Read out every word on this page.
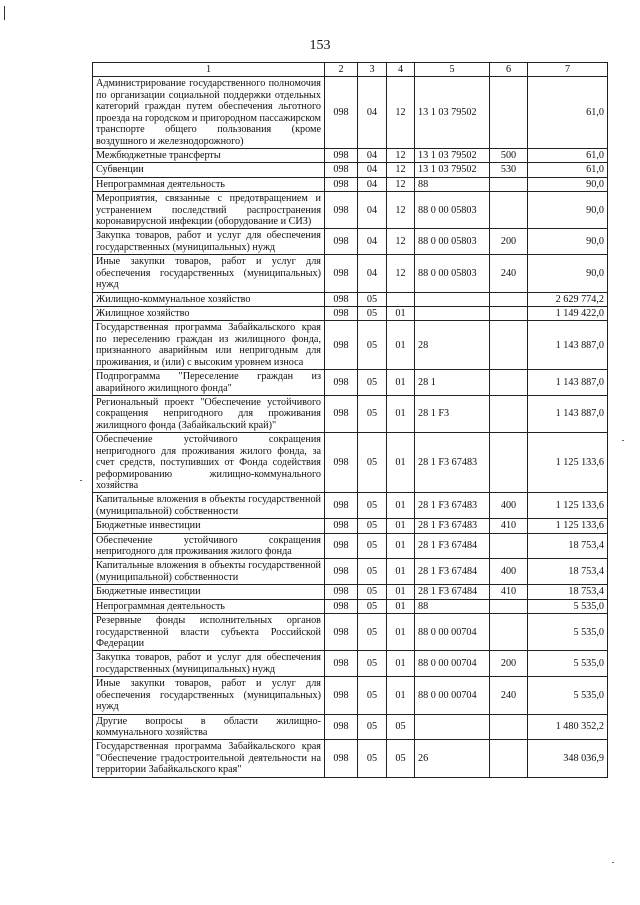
153
1	2	3	4	5	6	7
Администрирование государственного полномочия по организации социальной поддержки отдельных категорий граждан путем обеспечения льготного проезда на городском и пригородном пассажирском транспорте общего пользования (кроме воздушного и железнодорожного)	098	04	12	13 1 03 79502		61,0
Межбюджетные трансферты	098	04	12	13 1 03 79502	500	61,0
Субвенции	098	04	12	13 1 03 79502	530	61,0
Непрограммная деятельность	098	04	12	88		90,0
Мероприятия, связанные с предотвращением и устранением последствий распространения коронавирусной инфекции (оборудование и СИЗ)	098	04	12	88 0 00 05803		90,0
Закупка товаров, работ и услуг для обеспечения государственных (муниципальных) нужд	098	04	12	88 0 00 05803	200	90,0
Иные закупки товаров, работ и услуг для обеспечения государственных (муниципальных) нужд	098	04	12	88 0 00 05803	240	90,0
Жилищно-коммунальное хозяйство	098	05				2 629 774,2
Жилищное хозяйство	098	05	01			1 149 422,0
Государственная программа Забайкальского края по переселению граждан из жилищного фонда, признанного аварийным или непригодным для проживания, и (или) с высоким уровнем износа	098	05	01	28		1 143 887,0
Подпрограмма "Переселение граждан из аварийного жилищного фонда"	098	05	01	28 1		1 143 887,0
Региональный проект "Обеспечение устойчивого сокращения непригодного для проживания жилищного фонда (Забайкальский край)"	098	05	01	28 1 F3		1 143 887,0
Обеспечение устойчивого сокращения непригодного для проживания жилого фонда, за счет средств, поступивших от Фонда содействия реформированию жилищно-коммунального хозяйства	098	05	01	28 1 F3 67483		1 125 133,6
Капитальные вложения в объекты государственной (муниципальной) собственности	098	05	01	28 1 F3 67483	400	1 125 133,6
Бюджетные инвестиции	098	05	01	28 1 F3 67483	410	1 125 133,6
Обеспечение устойчивого сокращения непригодного для проживания жилого фонда	098	05	01	28 1 F3 67484		18 753,4
Капитальные вложения в объекты государственной (муниципальной) собственности	098	05	01	28 1 F3 67484	400	18 753,4
Бюджетные инвестиции	098	05	01	28 1 F3 67484	410	18 753,4
Непрограммная деятельность	098	05	01	88		5 535,0
Резервные фонды исполнительных органов государственной власти субъекта Российской Федерации	098	05	01	88 0 00 00704		5 535,0
Закупка товаров, работ и услуг для обеспечения государственных (муниципальных) нужд	098	05	01	88 0 00 00704	200	5 535,0
Иные закупки товаров, работ и услуг для обеспечения государственных (муниципальных) нужд	098	05	01	88 0 00 00704	240	5 535,0
Другие вопросы в области жилищно-коммунального хозяйства	098	05	05			1 480 352,2
Государственная программа Забайкальского края "Обеспечение градостроительной деятельности на территории Забайкальского края"	098	05	05	26		348 036,9
